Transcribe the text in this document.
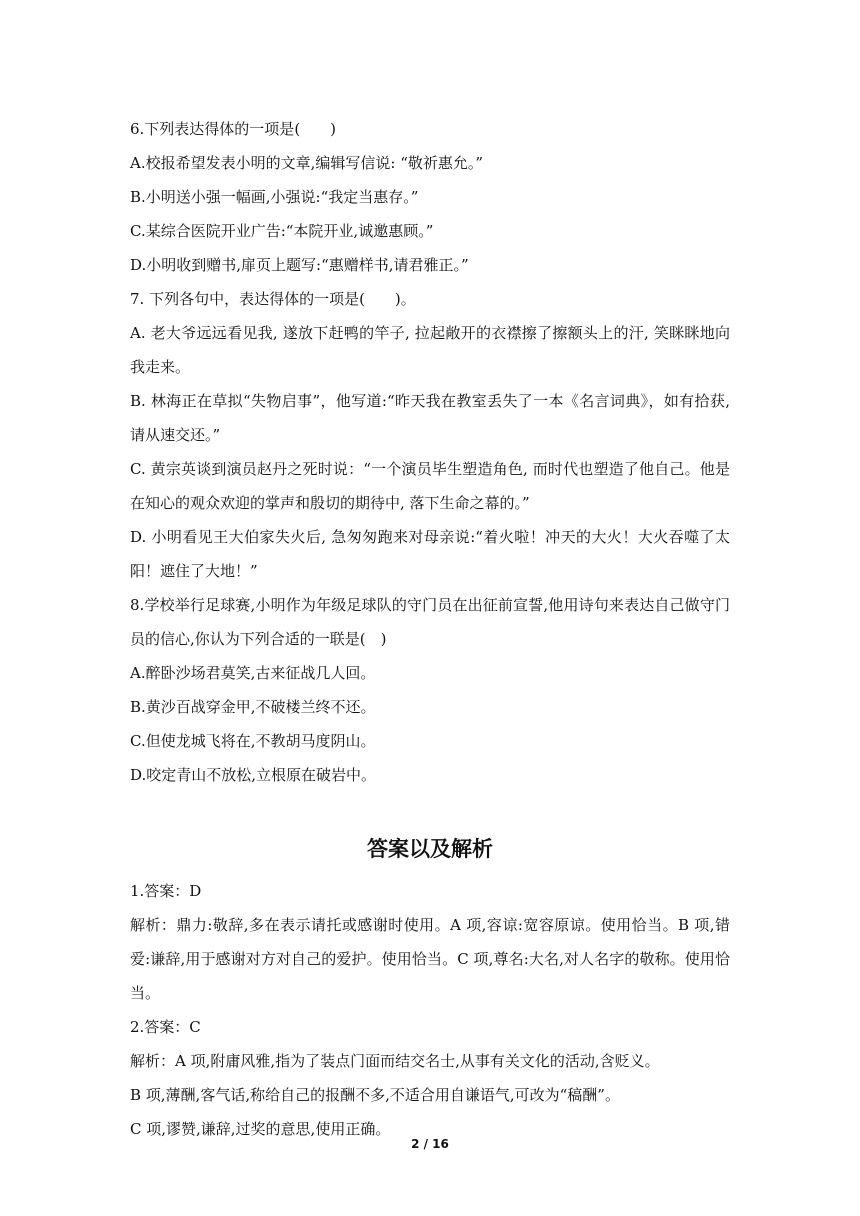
6.下列表达得体的一项是(　　)

A.校报希望发表小明的文章,编辑写信说: “敬祈惠允。”

B.小明送小强一幅画,小强说:“我定当惠存。”

C.某综合医院开业广告:“本院开业,诚邀惠顾。”

D.小明收到赠书,扉页上题写:“惠赠样书,请君雅正。”

7. 下列各句中，表达得体的一项是(　　)。

A. 老大爷远远看见我, 遂放下赶鸭的竿子, 拉起敞开的衣襟擦了擦额头上的汗, 笑眯眯地向我走来。

B. 林海正在草拟“失物启事”，他写道:“昨天我在教室丢失了一本《名言词典》，如有拾获, 请从速交还。”

C. 黄宗英谈到演员赵丹之死时说：“一个演员毕生塑造角色, 而时代也塑造了他自己。他是在知心的观众欢迎的掌声和殷切的期待中, 落下生命之幕的。”

D. 小明看见王大伯家失火后, 急匆匆跑来对母亲说:“着火啦！冲天的大火！大火吞噬了太阳！遮住了大地！”

8.学校举行足球赛,小明作为年级足球队的守门员在出征前宣誓,他用诗句来表达自己做守门员的信心,你认为下列合适的一联是(　)

A.醉卧沙场君莫笑,古来征战几人回。

B.黄沙百战穿金甲,不破楼兰终不还。

C.但使龙城飞将在,不教胡马度阴山。

D.咬定青山不放松,立根原在破岩中。

答案以及解析

1.答案：D

解析：鼎力:敬辞,多在表示请托或感谢时使用。A 项,容谅:宽容原谅。使用恰当。B 项,错爱:谦辞,用于感谢对方对自己的爱护。使用恰当。C 项,尊名:大名,对人名字的敬称。使用恰当。

2.答案：C

解析：A 项,附庸风雅,指为了装点门面而结交名士,从事有关文化的活动,含贬义。

B 项,薄酬,客气话,称给自己的报酬不多,不适合用自谦语气,可改为“稿酬”。

C 项,谬赞,谦辞,过奖的意思,使用正确。

2 / 16
